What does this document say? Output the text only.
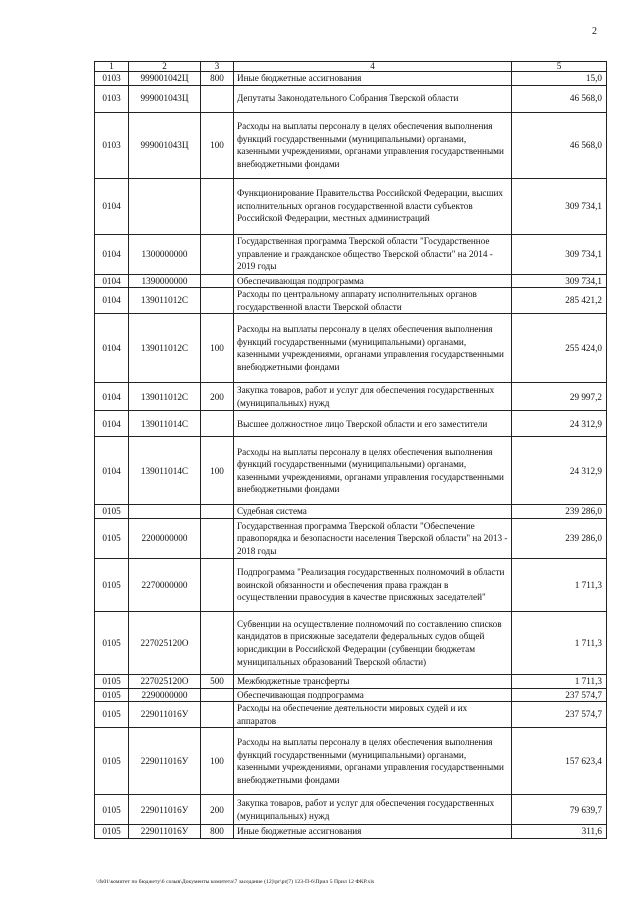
2
1	2	3	4	5
0103	999001042Ц	800	Иные бюджетные ассигнования	15,0
0103	999001043Ц		Депутаты Законодательного Собрания Тверской области	46 568,0
0103	999001043Ц	100	Расходы на выплаты персоналу в целях обеспечения выполнения функций государственными (муниципальными) органами, казенными учреждениями, органами управления государственными внебюджетными фондами	46 568,0
0104			Функционирование Правительства Российской Федерации, высших исполнительных органов государственной власти субъектов Российской Федерации, местных администраций	309 734,1
0104	1300000000		Государственная программа Тверской области "Государственное управление и гражданское общество Тверской области" на 2014 - 2019 годы	309 734,1
0104	1390000000		Обеспечивающая подпрограмма	309 734,1
0104	139011012С		Расходы по центральному аппарату исполнительных органов государственной власти Тверской области	285 421,2
0104	139011012С	100	Расходы на выплаты персоналу в целях обеспечения выполнения функций государственными (муниципальными) органами, казенными учреждениями, органами управления государственными внебюджетными фондами	255 424,0
0104	139011012С	200	Закупка товаров, работ и услуг для обеспечения государственных (муниципальных) нужд	29 997,2
0104	139011014С		Высшее должностное лицо Тверской области и его заместители	24 312,9
0104	139011014С	100	Расходы на выплаты персоналу в целях обеспечения выполнения функций государственными (муниципальными) органами, казенными учреждениями, органами управления государственными внебюджетными фондами	24 312,9
0105			Судебная система	239 286,0
0105	2200000000		Государственная программа Тверской области "Обеспечение правопорядка и безопасности населения Тверской области" на 2013 - 2018 годы	239 286,0
0105	2270000000		Подпрограмма "Реализация государственных полномочий в области воинской обязанности и обеспечения права граждан в осуществлении правосудия в качестве присяжных заседателей"	1 711,3
0105	227025120О		Субвенции на осуществление полномочий по составлению списков кандидатов в присяжные заседатели федеральных судов общей юрисдикции в Российской Федерации (субвенции бюджетам муниципальных образований Тверской области)	1 711,3
0105	227025120О	500	Межбюджетные трансферты	1 711,3
0105	2290000000		Обеспечивающая подпрограмма	237 574,7
0105	229011016У		Расходы на обеспечение деятельности мировых судей и их аппаратов	237 574,7
0105	229011016У	100	Расходы на выплаты персоналу в целях обеспечения выполнения функций государственными (муниципальными) органами, казенными учреждениями, органами управления государственными внебюджетными фондами	157 623,4
0105	229011016У	200	Закупка товаров, работ и услуг для обеспечения государственных (муниципальных) нужд	79 639,7
0105	229011016У	800	Иные бюджетные ассигнования	311,6
\\fs01\комитет по бюджету\6 созыв\Документы комитета\7 заседание (12)\pr\pr(7) 123-П-6\Прил 5 Прил 12 ФКР.xls
